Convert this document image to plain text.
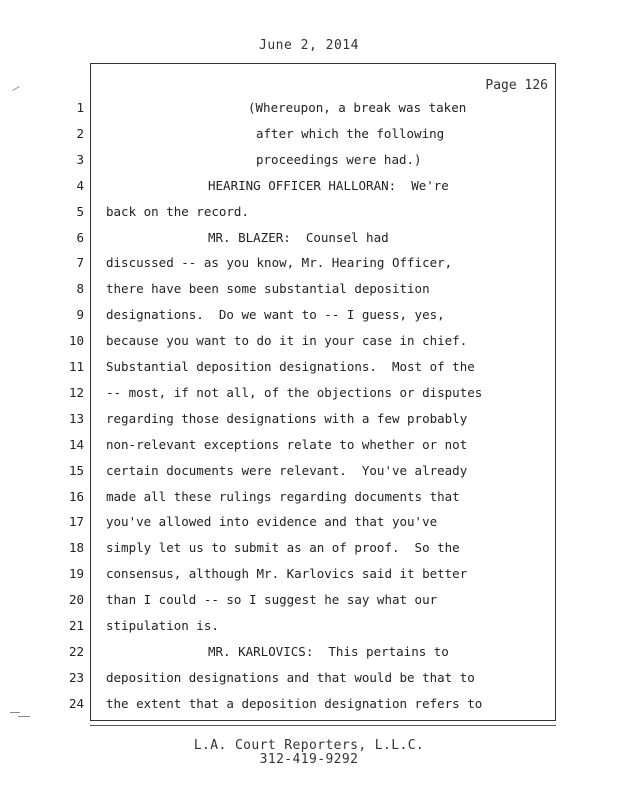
June 2, 2014
Page 126
1	(Whereupon, a break was taken
2	after which the following
3	proceedings were had.)
4	HEARING OFFICER HALLORAN:  We're
5 back on the record.
6	MR. BLAZER:  Counsel had
7 discussed -- as you know, Mr. Hearing Officer,
8 there have been some substantial deposition
9 designations.  Do we want to -- I guess, yes,
10 because you want to do it in your case in chief.
11 Substantial deposition designations.  Most of the
12 -- most, if not all, of the objections or disputes
13 regarding those designations with a few probably
14 non-relevant exceptions relate to whether or not
15 certain documents were relevant.  You've already
16 made all these rulings regarding documents that
17 you've allowed into evidence and that you've
18 simply let us to submit as an of proof.  So the
19 consensus, although Mr. Karlovics said it better
20 than I could -- so I suggest he say what our
21 stipulation is.
22	MR. KARLOVICS:  This pertains to
23 deposition designations and that would be that to
24 the extent that a deposition designation refers to
L.A. Court Reporters, L.L.C.
312-419-9292
